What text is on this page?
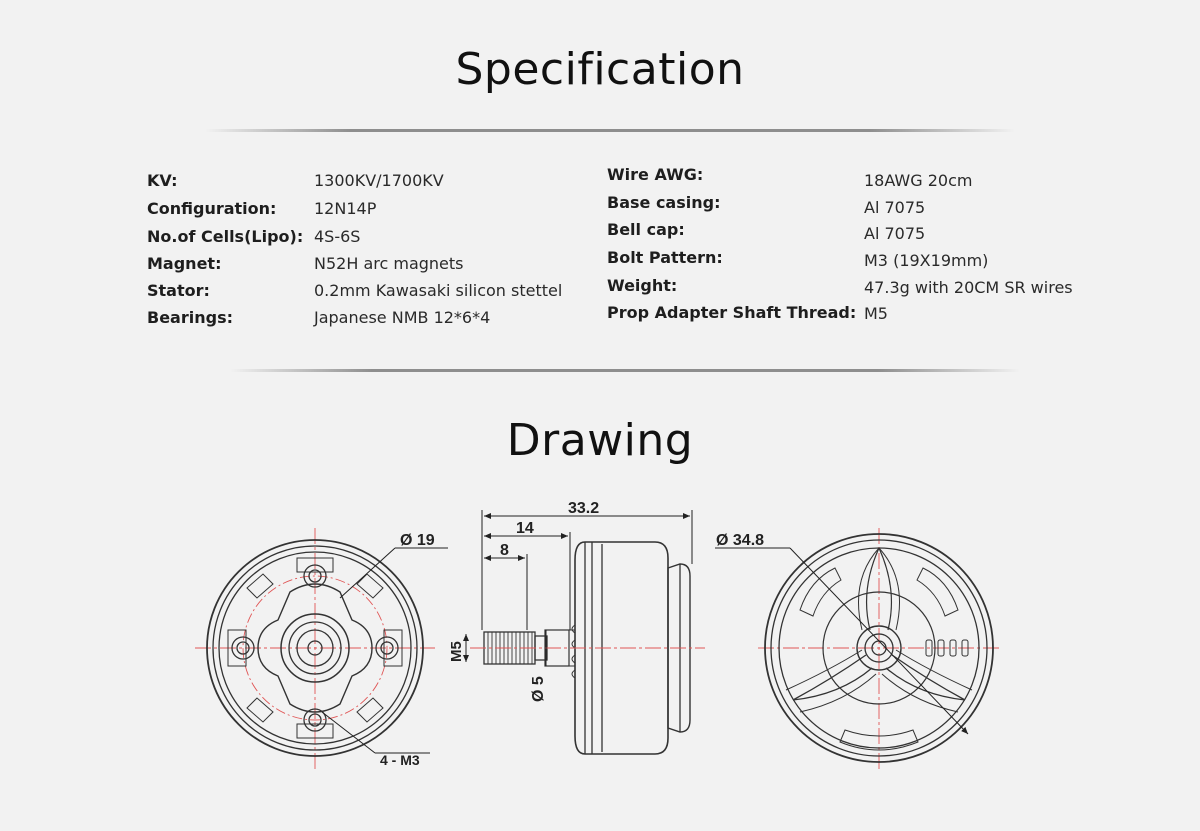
Specification
KV:	1300KV/1700KV
Configuration: 12N14P
No.of Cells(Lipo): 4S-6S
Magnet:	N52H arc magnets
Stator:	0.2mm Kawasaki silicon stettel
Bearings:	Japanese NMB 12*6*4
Wire AWG:	18AWG 20cm
Base casing:	Al 7075
Bell cap:	Al 7075
Bolt Pattern:	M3 (19X19mm)
Weight:	47.3g with 20CM SR wires
Prop Adapter Shaft Thread: M5
Drawing
Ø 19
4 - M3
33.2
14
8
M5
Ø 5
Ø 34.8
